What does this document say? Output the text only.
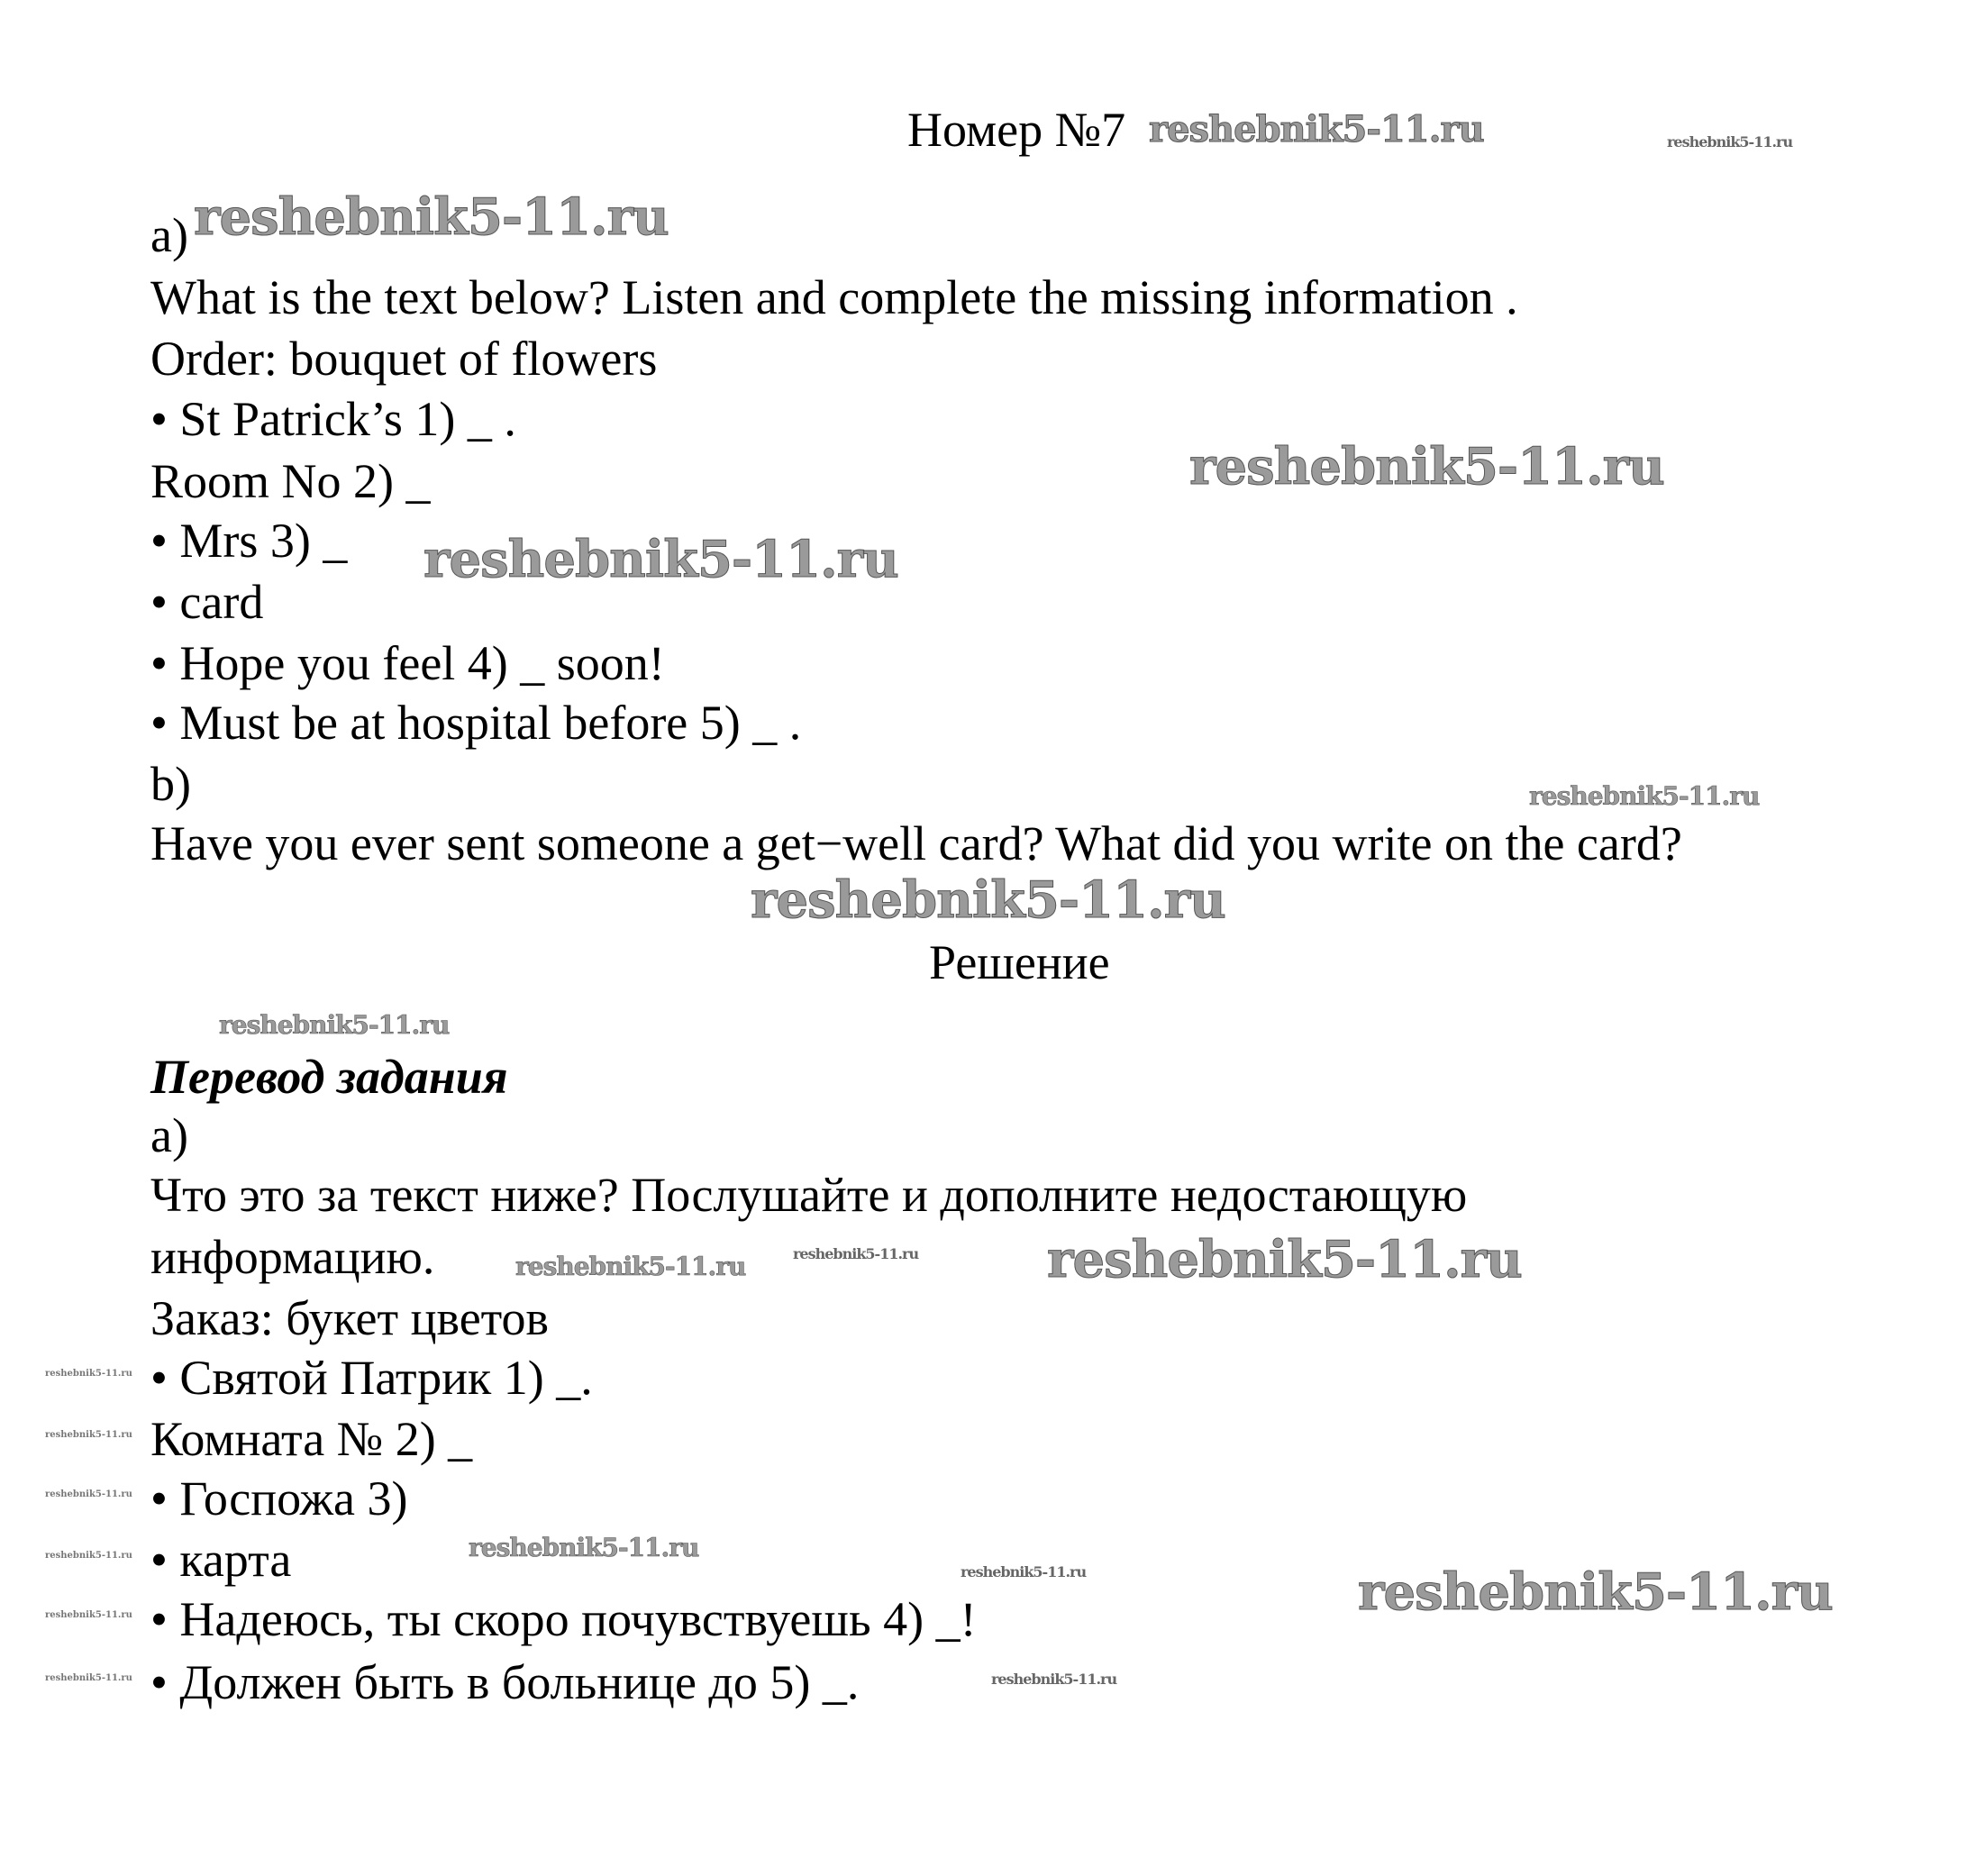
Номер №7
a)
What is the text below? Listen and complete the missing information .
Order: bouquet of flowers
• St Patrick’s 1) _ .
Room No 2) _
• Mrs 3) _
• card
• Hope you feel 4) _ soon!
• Must be at hospital before 5) _ .
b)
Have you ever sent someone a get−well card? What did you write on the card?
Решение
Перевод задания
а)
Что это за текст ниже? Послушайте и дополните недостающую
информацию.
Заказ: букет цветов
• Святой Патрик 1) _.
Комната № 2) _
• Госпожа 3)
• карта
• Надеюсь, ты скоро почувствуешь 4) _!
• Должен быть в больнице до 5) _.
reshebnik5-11.ru	reshebnik5-11.ru
reshebnik5-11.ru
reshebnik5-11.ru
reshebnik5-11.ru
reshebnik5-11.ru
reshebnik5-11.ru
reshebnik5-11.ru
reshebnik5-11.ru
reshebnik5-11.ru	reshebnik5-11.ru
reshebnik5-11.ru
reshebnik5-11.ru	reshebnik5-11.ru
reshebnik5-11.ru
reshebnik5-11.ru
reshebnik5-11.ru
reshebnik5-11.ru
reshebnik5-11.ru
reshebnik5-11.ru
reshebnik5-11.ru
